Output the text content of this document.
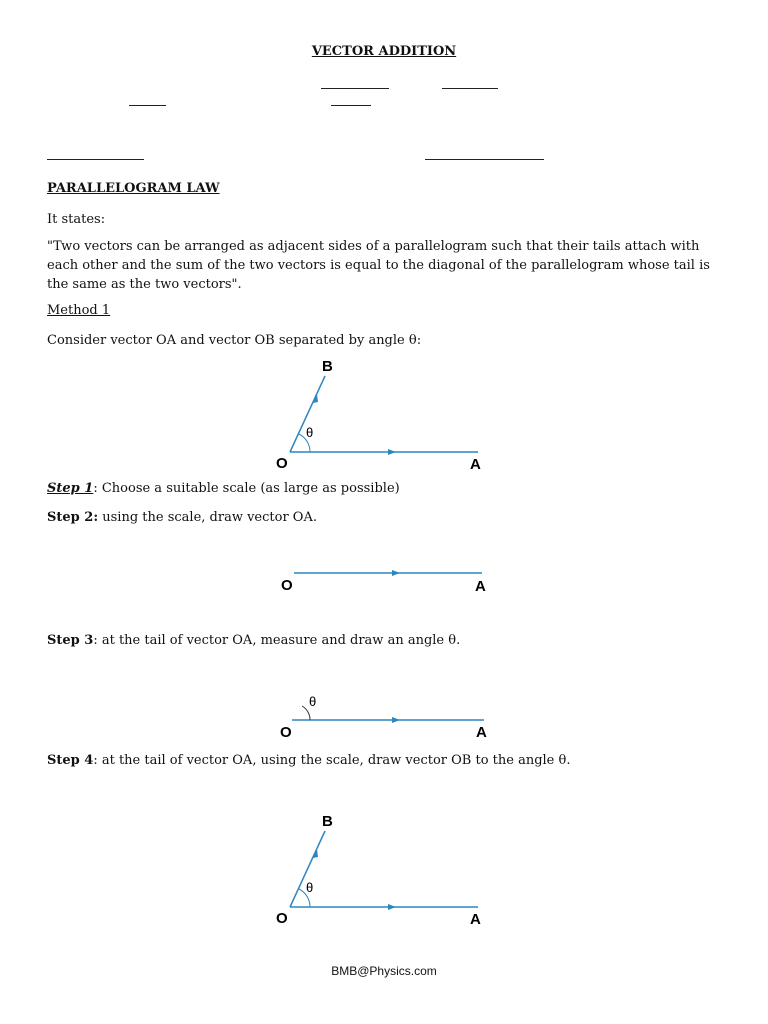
VECTOR ADDITION

PARALLELOGRAM LAW

It states:

"Two vectors can be arranged as adjacent sides of a parallelogram such that their tails attach with each other and the sum of the two vectors is equal to the diagonal of the parallelogram whose tail is the same as the two vectors".

Method 1

Consider vector OA and vector OB separated by angle θ:

θ
B
O	A

Step 1: Choose a suitable scale (as large as possible)

Step 2: using the scale, draw vector OA.

O	A

Step 3: at the tail of vector OA, measure and draw an angle θ.

θ
O	A

Step 4: at the tail of vector OA, using the scale, draw vector OB to the angle θ.

θ
B
O	A

BMB@Physics.com
